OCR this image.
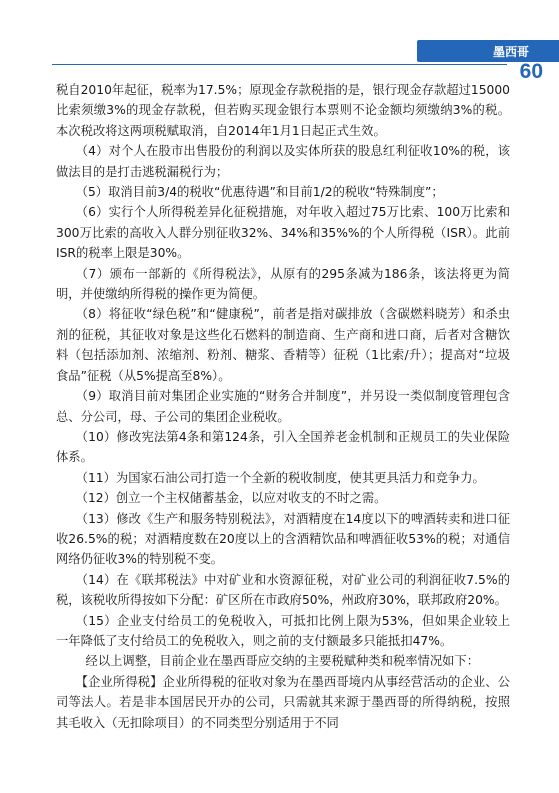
墨西哥
60

税自2010年起征，税率为17.5%；原现金存款税指的是，银行现金存款超过15000比索须缴3%的现金存款税，但若购买现金银行本票则不论金额均须缴纳3%的税。本次税改将这两项税赋取消，自2014年1月1日起正式生效。

（4）对个人在股市出售股份的利润以及实体所获的股息红利征收10%的税，该做法目的是打击逃税漏税行为；

（5）取消目前3/4的税收“优惠待遇”和目前1/2的税收“特殊制度”；

（6）实行个人所得税差异化征税措施，对年收入超过75万比索、100万比索和300万比索的高收入人群分别征收32%、34%和35%%的个人所得税（ISR）。此前ISR的税率上限是30%。

（7）颁布一部新的《所得税法》，从原有的295条减为186条，该法将更为简明，并使缴纳所得税的操作更为简便。

（8）将征收“绿色税”和“健康税”，前者是指对碳排放（含碳燃料晓芳）和杀虫剂的征税，其征收对象是这些化石燃料的制造商、生产商和进口商，后者对含糖饮料（包括添加剂、浓缩剂、粉剂、糖浆、香精等）征税（1比索/升）；提高对“垃圾食品”征税（从5%提高至8%）。

（9）取消目前对集团企业实施的“财务合并制度”，并另设一类似制度管理包含总、分公司，母、子公司的集团企业税收。

（10）修改宪法第4条和第124条，引入全国养老金机制和正规员工的失业保险体系。

（11）为国家石油公司打造一个全新的税收制度，使其更具活力和竞争力。

（12）创立一个主权储蓄基金，以应对收支的不时之需。

（13）修改《生产和服务特别税法》，对酒精度在14度以下的啤酒转卖和进口征收26.5%的税；对酒精度数在20度以上的含酒精饮品和啤酒征收53%的税；对通信网络仍征收3%的特别税不变。

（14）在《联邦税法》中对矿业和水资源征税，对矿业公司的利润征收7.5%的税，该税收所得按如下分配：矿区所在市政府50%，州政府30%，联邦政府20%。

（15）企业支付给员工的免税收入，可抵扣比例上限为53%，但如果企业较上一年降低了支付给员工的免税收入，则之前的支付额最多只能抵扣47%。

经以上调整，目前企业在墨西哥应交纳的主要税赋种类和税率情况如下：

【企业所得税】企业所得税的征收对象为在墨西哥境内从事经营活动的企业、公司等法人。若是非本国居民开办的公司，只需就其来源于墨西哥的所得纳税，按照其毛收入（无扣除项目）的不同类型分别适用于不同
